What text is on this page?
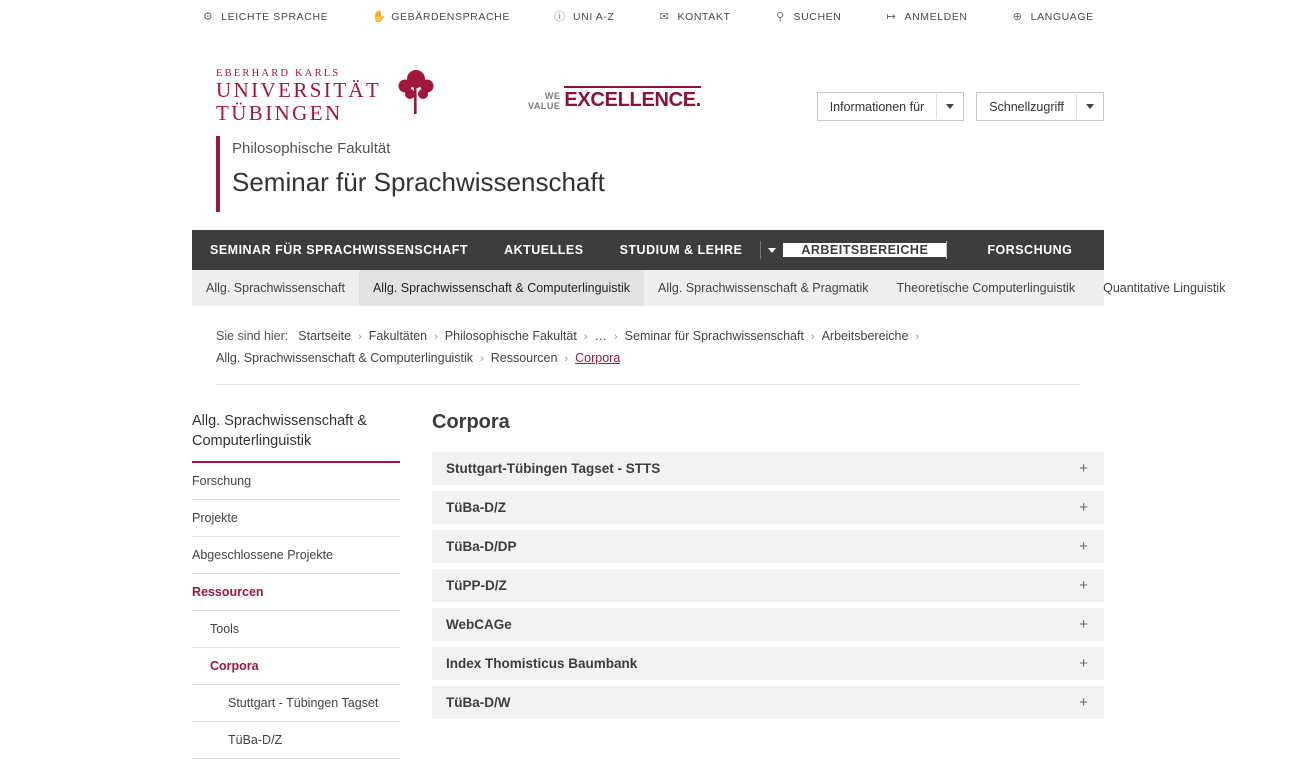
⚙ LEICHTE SPRACHE	✋ GEBÄRDENSPRACHE	ⓘ UNI A-Z	✉ KONTAKT	⚲ SUCHEN	↦ ANMELDEN	⊕ LANGUAGE
EBERHARD KARLS
UNIVERSITÄT
TÜBINGEN
WE
VALUE EXCELLENCE.	Informationen für	Schnellzugriff
Philosophische Fakultät
Seminar für Sprachwissenschaft
SEMINAR FÜR SPRACHWISSENSCHAFT	AKTUELLES	STUDIUM & LEHRE	ARBEITSBEREICHE	FORSCHUNG	KONTAKT
Allg. Sprachwissenschaft Allg. Sprachwissenschaft & Computerlinguistik Allg. Sprachwissenschaft & Pragmatik Theoretische Computerlinguistik Quantitative Linguistik
Sie sind hier: Startseite › Fakultäten › Philosophische Fakultät › … › Seminar für Sprachwissenschaft › Arbeitsbereiche ›
Allg. Sprachwissenschaft & Computerlinguistik › Ressourcen › Corpora
Allg. Sprachwissenschaft & Computerlinguistik
Forschung
Projekte
Abgeschlossene Projekte
Ressourcen
Tools
Corpora
Stuttgart - Tübingen Tagset
TüBa-D/Z
Corpora
Stuttgart-Tübingen Tagset - STTS	+
TüBa-D/Z	+
TüBa-D/DP	+
TüPP-D/Z	+
WebCAGe	+
Index Thomisticus Baumbank	+
TüBa-D/W	+
